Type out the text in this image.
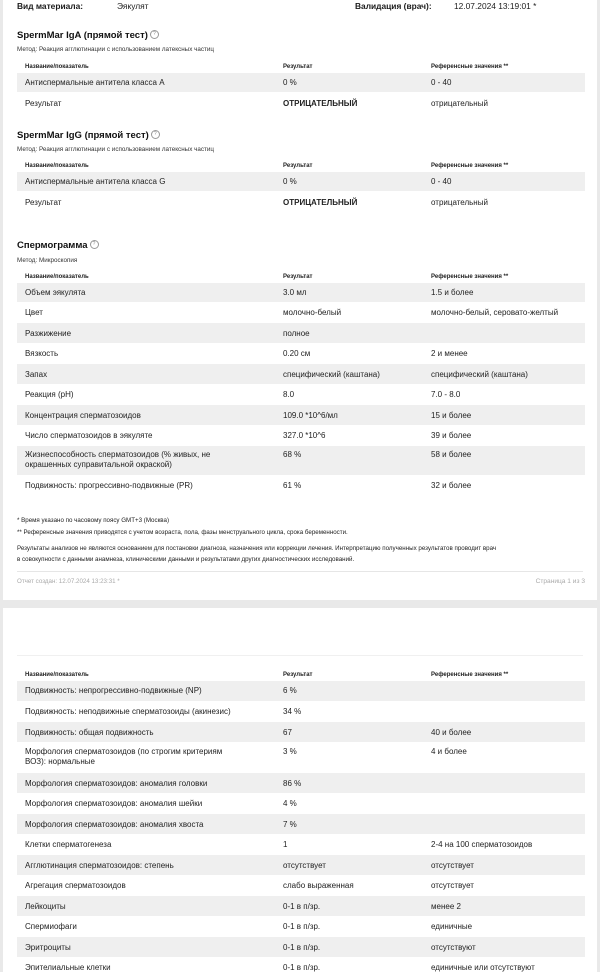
Вид материала:	Эякулят	Валидация (врач):	12.07.2024 13:19:01 *
SpermMar IgA (прямой тест) ?
Метод: Реакция агглютинации с использованием латексных частиц
Название/показатель	Результат	Референсные значения **
Антиспермальные антитела класса A	0 %	0 - 40
Результат	ОТРИЦАТЕЛЬНЫЙ	отрицательный
SpermMar IgG (прямой тест) ?
Метод: Реакция агглютинации с использованием латексных частиц
Название/показатель	Результат	Референсные значения **
Антиспермальные антитела класса G	0 %	0 - 40
Результат	ОТРИЦАТЕЛЬНЫЙ	отрицательный
Спермограмма ?
Метод: Микроскопия
Название/показатель	Результат	Референсные значения **
Объем эякулята	3.0 мл	1.5 и более
Цвет	молочно-белый	молочно-белый, серовато-желтый
Разжижение	полное
Вязкость	0.20 см	2 и менее
Запах	специфический (каштана)	специфический (каштана)
Реакция (pH)	8.0	7.0 - 8.0
Концентрация сперматозоидов	109.0 *10^6/мл	15 и более
Число сперматозоидов в эякуляте	327.0 *10^6	39 и более
Жизнеспособность сперматозоидов (% живых, не
окрашенных суправитальной окраской)
68 %	58 и более
Подвижность: прогрессивно-подвижные (PR)	61 %	32 и более
* Время указано по часовому поясу GMT+3 (Москва)
** Референсные значения приводятся с учетом возраста, пола, фазы менструального цикла, срока беременности.
Результаты анализов не являются основанием для постановки диагноза, назначения или коррекции лечения. Интерпретацию полученных результатов проводит врач
в совокупности с данными анамнеза, клиническими данными и результатами других диагностических исследований.
Отчет создан: 12.07.2024 13:23:31 *	Страница 1 из 3
Название/показатель	Результат	Референсные значения **
Подвижность: непрогрессивно-подвижные (NP)	6 %
Подвижность: неподвижные сперматозоиды (акинезис)	34 %
Подвижность: общая подвижность	67	40 и более
Морфология сперматозоидов (по строгим критериям
ВОЗ): нормальные
3 %	4 и более
Морфология сперматозоидов: аномалия головки	86 %
Морфология сперматозоидов: аномалия шейки	4 %
Морфология сперматозоидов: аномалия хвоста	7 %
Клетки сперматогенеза	1	2-4 на 100 сперматозоидов
Агглютинация сперматозоидов: степень	отсутствует	отсутствует
Агрегация сперматозоидов	слабо выраженная	отсутствует
Лейкоциты	0-1 в п/зр.	менее 2
Спермиофаги	0-1 в п/зр.	единичные
Эритроциты	0-1 в п/зр.	отсутствуют
Эпителиальные клетки	0-1 в п/зр.	единичные или отсутствуют
